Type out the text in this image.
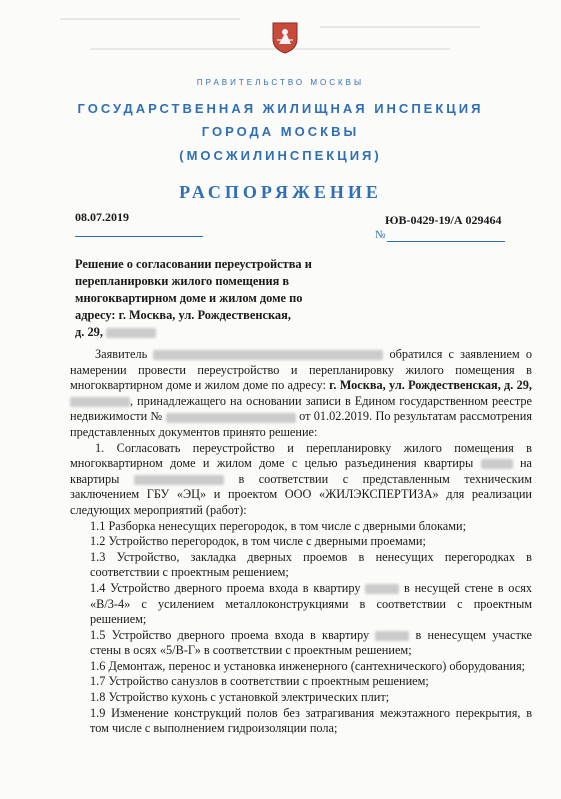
ПРАВИТЕЛЬСТВО МОСКВЫ
ГОСУДАРСТВЕННАЯ ЖИЛИЩНАЯ ИНСПЕКЦИЯ
ГОРОДА МОСКВЫ
(МОСЖИЛИНСПЕКЦИЯ)
РАСПОРЯЖЕНИЕ
08.07.2019	ЮВ-0429-19/А 029464
№
Решение о согласовании переустройства и
перепланировки жилого помещения в
многоквартирном доме и жилом доме по
адресу: г. Москва, ул. Рождественская,
д. 29,

Заявитель	обратился с заявлением о намерении провести переустройство и перепланировку жилого помещения в многоквартирном доме и жилом доме по адресу: г. Москва, ул. Рождественская, д. 29, , принадлежащего на основании записи в Едином государственном реестре недвижимости №	от 01.02.2019. По результатам рассмотрения представленных документов принято решение:

1. Согласовать переустройство и перепланировку жилого помещения в многоквартирном доме и жилом доме с целью разъединения квартиры	на квартиры	в соответствии с представленным техническим заключением ГБУ «ЭЦ» и проектом ООО «ЖИЛЭКСПЕРТИЗА» для реализации следующих мероприятий (работ):

1.1 Разборка ненесущих перегородок, в том числе с дверными блоками;

1.2 Устройство перегородок, в том числе с дверными проемами;

1.3 Устройство, закладка дверных проемов в ненесущих перегородках в соответствии с проектным решением;

1.4 Устройство дверного проема входа в квартиру	в несущей стене в осях «В/3-4» с усилением металлоконструкциями в соответствии с проектным решением;

1.5 Устройство дверного проема входа в квартиру	в ненесущем участке стены в осях «5/В-Г» в соответствии с проектным решением;

1.6 Демонтаж, перенос и установка инженерного (сантехнического) оборудования;

1.7 Устройство санузлов в соответствии с проектным решением;

1.8 Устройство кухонь с установкой электрических плит;

1.9 Изменение конструкций полов без затрагивания межэтажного перекрытия, в том числе с выполнением гидроизоляции пола;
